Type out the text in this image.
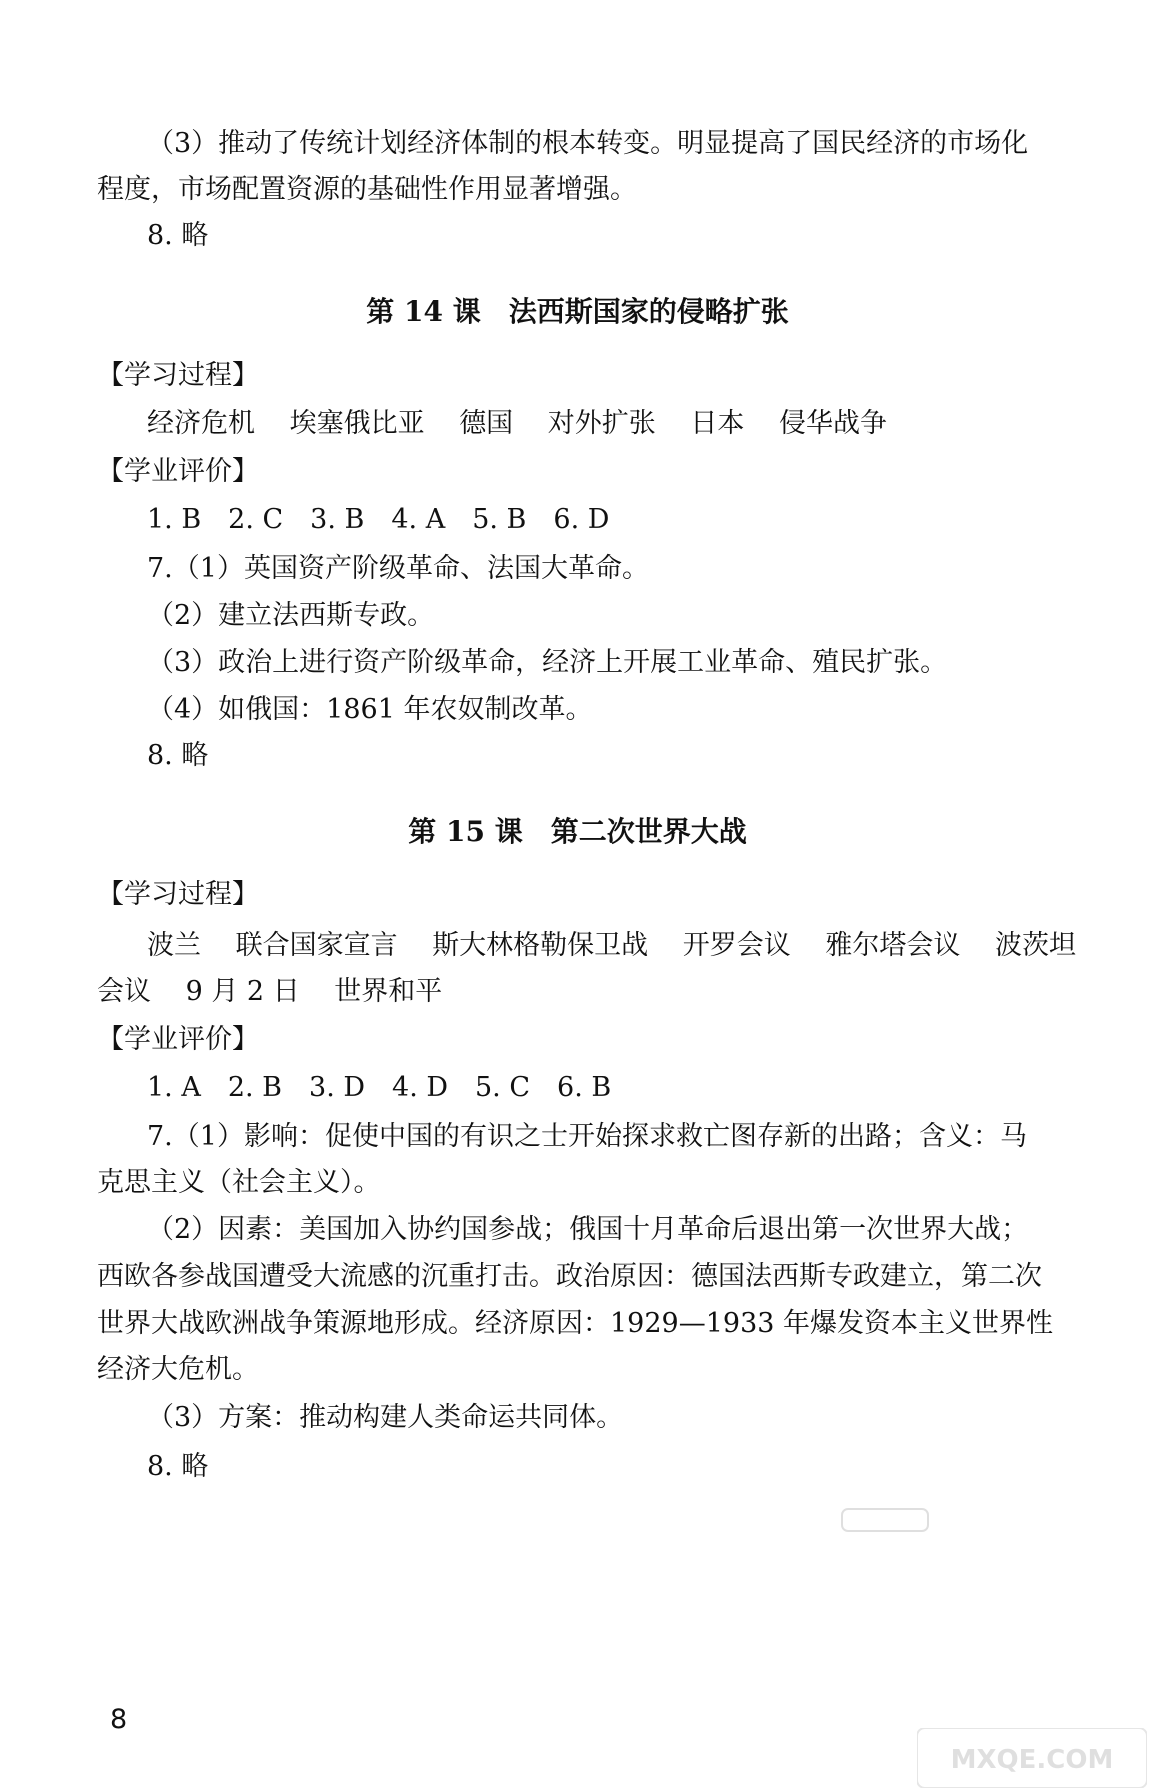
（3）推动了传统计划经济体制的根本转变。明显提高了国民经济的市场化
程度，市场配置资源的基础性作用显著增强。
8. 略
第 14 课　法西斯国家的侵略扩张
【学习过程】
经济危机 埃塞俄比亚 德国 对外扩张 日本 侵华战争
【学业评价】
1. B　2. C　3. B　4. A　5. B　6. D
7.（1）英国资产阶级革命、法国大革命。
（2）建立法西斯专政。
（3）政治上进行资产阶级革命，经济上开展工业革命、殖民扩张。
（4）如俄国：1861 年农奴制改革。
8. 略
第 15 课　第二次世界大战
【学习过程】
波兰 联合国家宣言 斯大林格勒保卫战 开罗会议 雅尔塔会议 波茨坦
会议 9 月 2 日 世界和平
【学业评价】
1. A　2. B　3. D　4. D　5. C　6. B
7.（1）影响：促使中国的有识之士开始探求救亡图存新的出路；含义：马
克思主义（社会主义）。
（2）因素：美国加入协约国参战；俄国十月革命后退出第一次世界大战；
西欧各参战国遭受大流感的沉重打击。政治原因：德国法西斯专政建立，第二次
世界大战欧洲战争策源地形成。经济原因：1929—1933 年爆发资本主义世界性
经济大危机。
（3）方案：推动构建人类命运共同体。
8. 略
8
MXQE.COM
